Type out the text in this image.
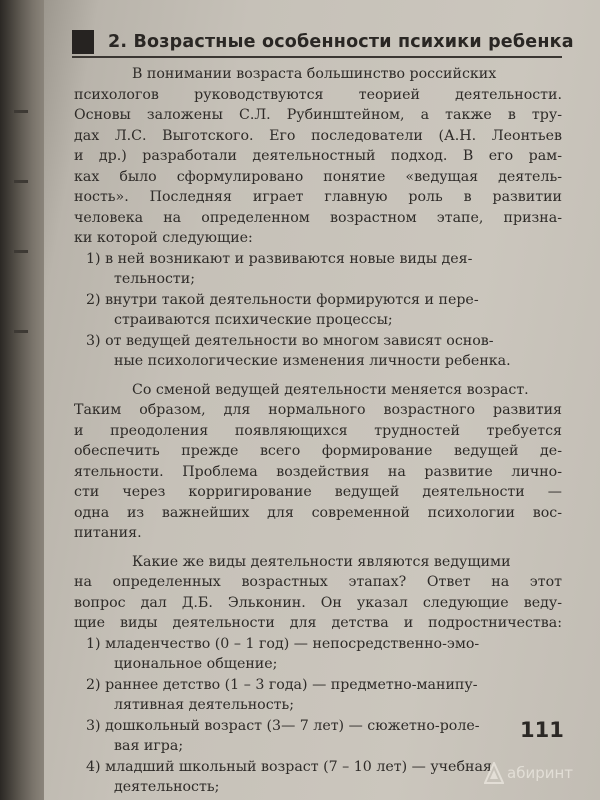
2. Возрастные особенности психики ребенка
В понимании возраста большинство российских
психологов руководствуются теорией деятельности.
Основы заложены С.Л. Рубинштейном, а также в тру-
дах Л.С. Выготского. Его последователи (А.Н. Леонтьев
и др.) разработали деятельностный подход. В его рам-
ках было сформулировано понятие «ведущая деятель-
ность». Последняя играет главную роль в развитии
человека на определенном возрастном этапе, призна-
ки которой следующие:
1) в ней возникают и развиваются новые виды дея-
тельности;
2) внутри такой деятельности формируются и пере-
страиваются психические процессы;
3) от ведущей деятельности во многом зависят основ-
ные психологические изменения личности ребенка.
Со сменой ведущей деятельности меняется возраст.
Таким образом, для нормального возрастного развития
и преодоления появляющихся трудностей требуется
обеспечить прежде всего формирование ведущей де-
ятельности. Проблема воздействия на развитие лично-
сти через корригирование ведущей деятельности —
одна из важнейших для современной психологии вос-
питания.
Какие же виды деятельности являются ведущими
на определенных возрастных этапах? Ответ на этот
вопрос дал Д.Б. Эльконин. Он указал следующие веду-
щие виды деятельности для детства и подростничества:
1) младенчество (0 – 1 год) — непосредственно-эмо-
циональное общение;
2) раннее детство (1 – 3 года) — предметно-манипу-
лятивная деятельность;
3) дошкольный возраст (3— 7 лет) — сюжетно-роле-
вая игра;
4) младший школьный возраст (7 – 10 лет) — учебная
деятельность;
111
абиринт
